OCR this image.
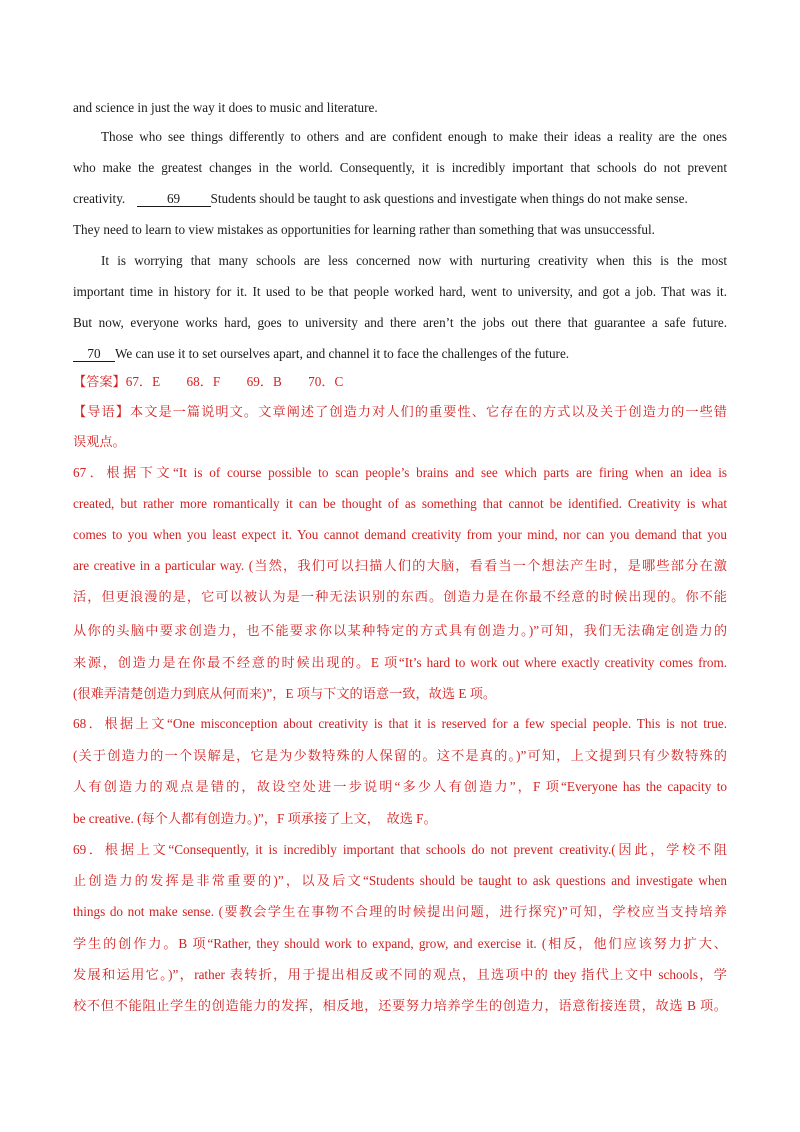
and science in just the way it does to music and literature.
Those who see things differently to others and are confident enough to make their ideas a reality are the ones
who make the greatest changes in the world. Consequently, it is incredibly important that schools do not prevent
creativity.	69 Students should be taught to ask questions and investigate when things do not make sense.
They need to learn to view mistakes as opportunities for learning rather than something that was unsuccessful.
It is worrying that many schools are less concerned now with nurturing creativity when this is the most
important time in history for it. It used to be that people worked hard, went to university, and got a job. That was it.
But now, everyone works hard, goes to university and there aren’t the jobs out there that guarantee a safe future.
70 We can use it to set ourselves apart, and channel it to face the challenges of the future.
【答案】67．E　　68．F　　69．B　　70．C
【导语】本文是一篇说明文。文章阐述了创造力对人们的重要性、它存在的方式以及关于创造力的一些错
误观点。
67．根据下文“It is of course possible to scan people’s brains and see which parts are firing when an idea is
created, but rather more romantically it can be thought of as something that cannot be identified. Creativity is what
comes to you when you least expect it. You cannot demand creativity from your mind, nor can you demand that you
are creative in a particular way. (当然，我们可以扫描人们的大脑，看看当一个想法产生时，是哪些部分在激
活，但更浪漫的是，它可以被认为是一种无法识别的东西。创造力是在你最不经意的时候出现的。你不能
从你的头脑中要求创造力，也不能要求你以某种特定的方式具有创造力。)”可知，我们无法确定创造力的
来源，创造力是在你最不经意的时候出现的。E 项“It’s hard to work out where exactly creativity comes from.
(很难弄清楚创造力到底从何而来)”，E 项与下文的语意一致，故选 E 项。
68．根据上文“One misconception about creativity is that it is reserved for a few special people. This is not true.
(关于创造力的一个误解是，它是为少数特殊的人保留的。这不是真的。)”可知，上文提到只有少数特殊的
人有创造力的观点是错的，故设空处进一步说明“多少人有创造力”，F 项“Everyone has the capacity to
be creative. (每个人都有创造力。)”，F 项承接了上文，　故选 F。
69．根据上文“Consequently, it is incredibly important that schools do not prevent creativity.(因此，学校不阻
止创造力的发挥是非常重要的)”，以及后文“Students should be taught to ask questions and investigate when
things do not make sense. (要教会学生在事物不合理的时候提出问题，进行探究)”可知，学校应当支持培养
学生的创作力。B 项“Rather, they should work to expand, grow, and exercise it. (相反，他们应该努力扩大、
发展和运用它。)”，rather 表转折，用于提出相反或不同的观点，且选项中的 they 指代上文中 schools，学
校不但不能阻止学生的创造能力的发挥，相反地，还要努力培养学生的创造力，语意衔接连贯，故选 B 项。
